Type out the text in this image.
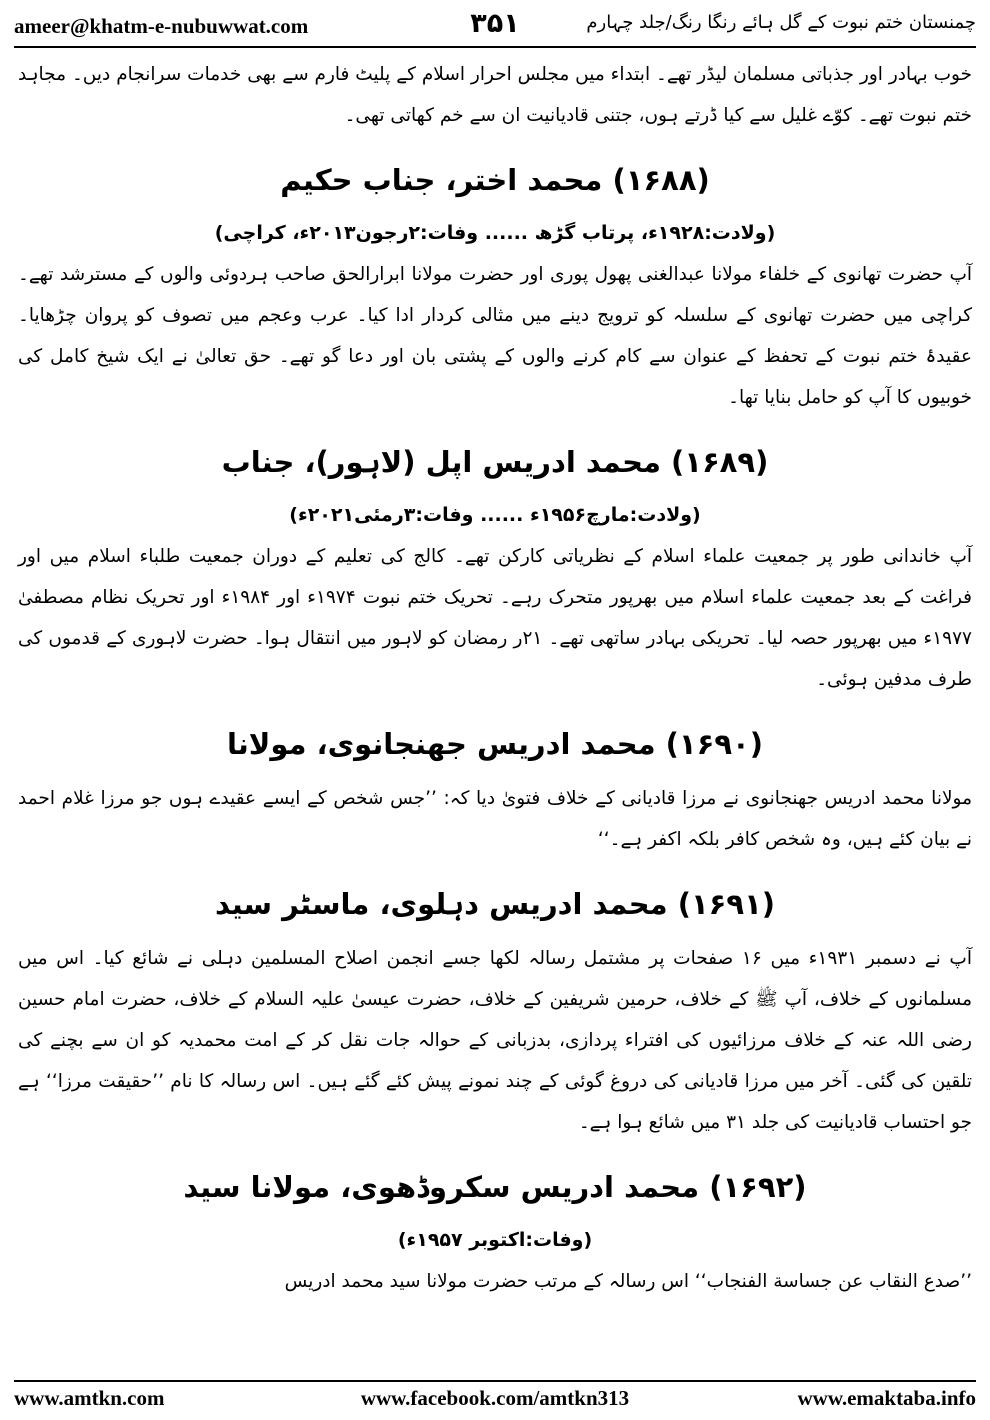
ameer@khatm-e-nubuwwat.com	۳۵۱	چمنستان ختم نبوت کے گل ہائے رنگا رنگ/جلد چہارم

خوب بہادر اور جذباتی مسلمان لیڈر تھے۔ ابتداء میں مجلس احرار اسلام کے پلیٹ فارم سے بھی خدمات سرانجام دیں۔ مجاہد ختم نبوت تھے۔ کوّے غلیل سے کیا ڈرتے ہوں، جتنی قادیانیت ان سے خم کھاتی تھی۔

(۱۶۸۸) محمد اختر، جناب حکیم
(ولادت:۱۹۲۸ء، پرتاب گڑھ ...... وفات:۲رجون۲۰۱۳ء، کراچی)

آپ حضرت تھانوی کے خلفاء مولانا عبدالغنی پھول پوری اور حضرت مولانا ابرارالحق صاحب ہردوئی والوں کے مسترشد تھے۔ کراچی میں حضرت تھانوی کے سلسلہ کو ترویج دینے میں مثالی کردار ادا کیا۔ عرب وعجم میں تصوف کو پروان چڑھایا۔ عقیدۂ ختم نبوت کے تحفظ کے عنوان سے کام کرنے والوں کے پشتی بان اور دعا گو تھے۔ حق تعالیٰ نے ایک شیخ کامل کی خوبیوں کا آپ کو حامل بنایا تھا۔

(۱۶۸۹) محمد ادریس اپل (لاہور)، جناب
(ولادت:مارچ۱۹۵۶ء ...... وفات:۳رمئی۲۰۲۱ء)

آپ خاندانی طور پر جمعیت علماء اسلام کے نظریاتی کارکن تھے۔ کالج کی تعلیم کے دوران جمعیت طلباء اسلام میں اور فراغت کے بعد جمعیت علماء اسلام میں بھرپور متحرک رہے۔ تحریک ختم نبوت ۱۹۷۴ء اور ۱۹۸۴ء اور تحریک نظام مصطفیٰ ۱۹۷۷ء میں بھرپور حصہ لیا۔ تحریکی بہادر ساتھی تھے۔ ۲۱ر رمضان کو لاہور میں انتقال ہوا۔ حضرت لاہوری کے قدموں کی طرف مدفین ہوئی۔

(۱۶۹۰) محمد ادریس جھنجانوی، مولانا

مولانا محمد ادریس جھنجانوی نے مرزا قادیانی کے خلاف فتویٰ دیا کہ: ’’جس شخص کے ایسے عقیدے ہوں جو مرزا غلام احمد نے بیان کئے ہیں، وہ شخص کافر بلکہ اکفر ہے۔‘‘

(۱۶۹۱) محمد ادریس دہلوی، ماسٹر سید

آپ نے دسمبر ۱۹۳۱ء میں ۱۶ صفحات پر مشتمل رسالہ لکھا جسے انجمن اصلاح المسلمین دہلی نے شائع کیا۔ اس میں مسلمانوں کے خلاف، آپ ﷺ کے خلاف، حرمین شریفین کے خلاف، حضرت عیسیٰ علیہ السلام کے خلاف، حضرت امام حسین رضی اللہ عنہ کے خلاف مرزائیوں کی افتراء پردازی، بدزبانی کے حوالہ جات نقل کر کے امت محمدیہ کو ان سے بچنے کی تلقین کی گئی۔ آخر میں مرزا قادیانی کی دروغ گوئی کے چند نمونے پیش کئے گئے ہیں۔ اس رسالہ کا نام ’’حقیقت مرزا‘‘ ہے جو احتساب قادیانیت کی جلد ۳۱ میں شائع ہوا ہے۔

(۱۶۹۲) محمد ادریس سکروڈھوی، مولانا سید
(وفات:اکتوبر ۱۹۵۷ء)

’’صدع النقاب عن جساسة الفنجاب‘‘ اس رسالہ کے مرتب حضرت مولانا سید محمد ادریس

www.amtkn.com	www.facebook.com/amtkn313	www.emaktaba.info
